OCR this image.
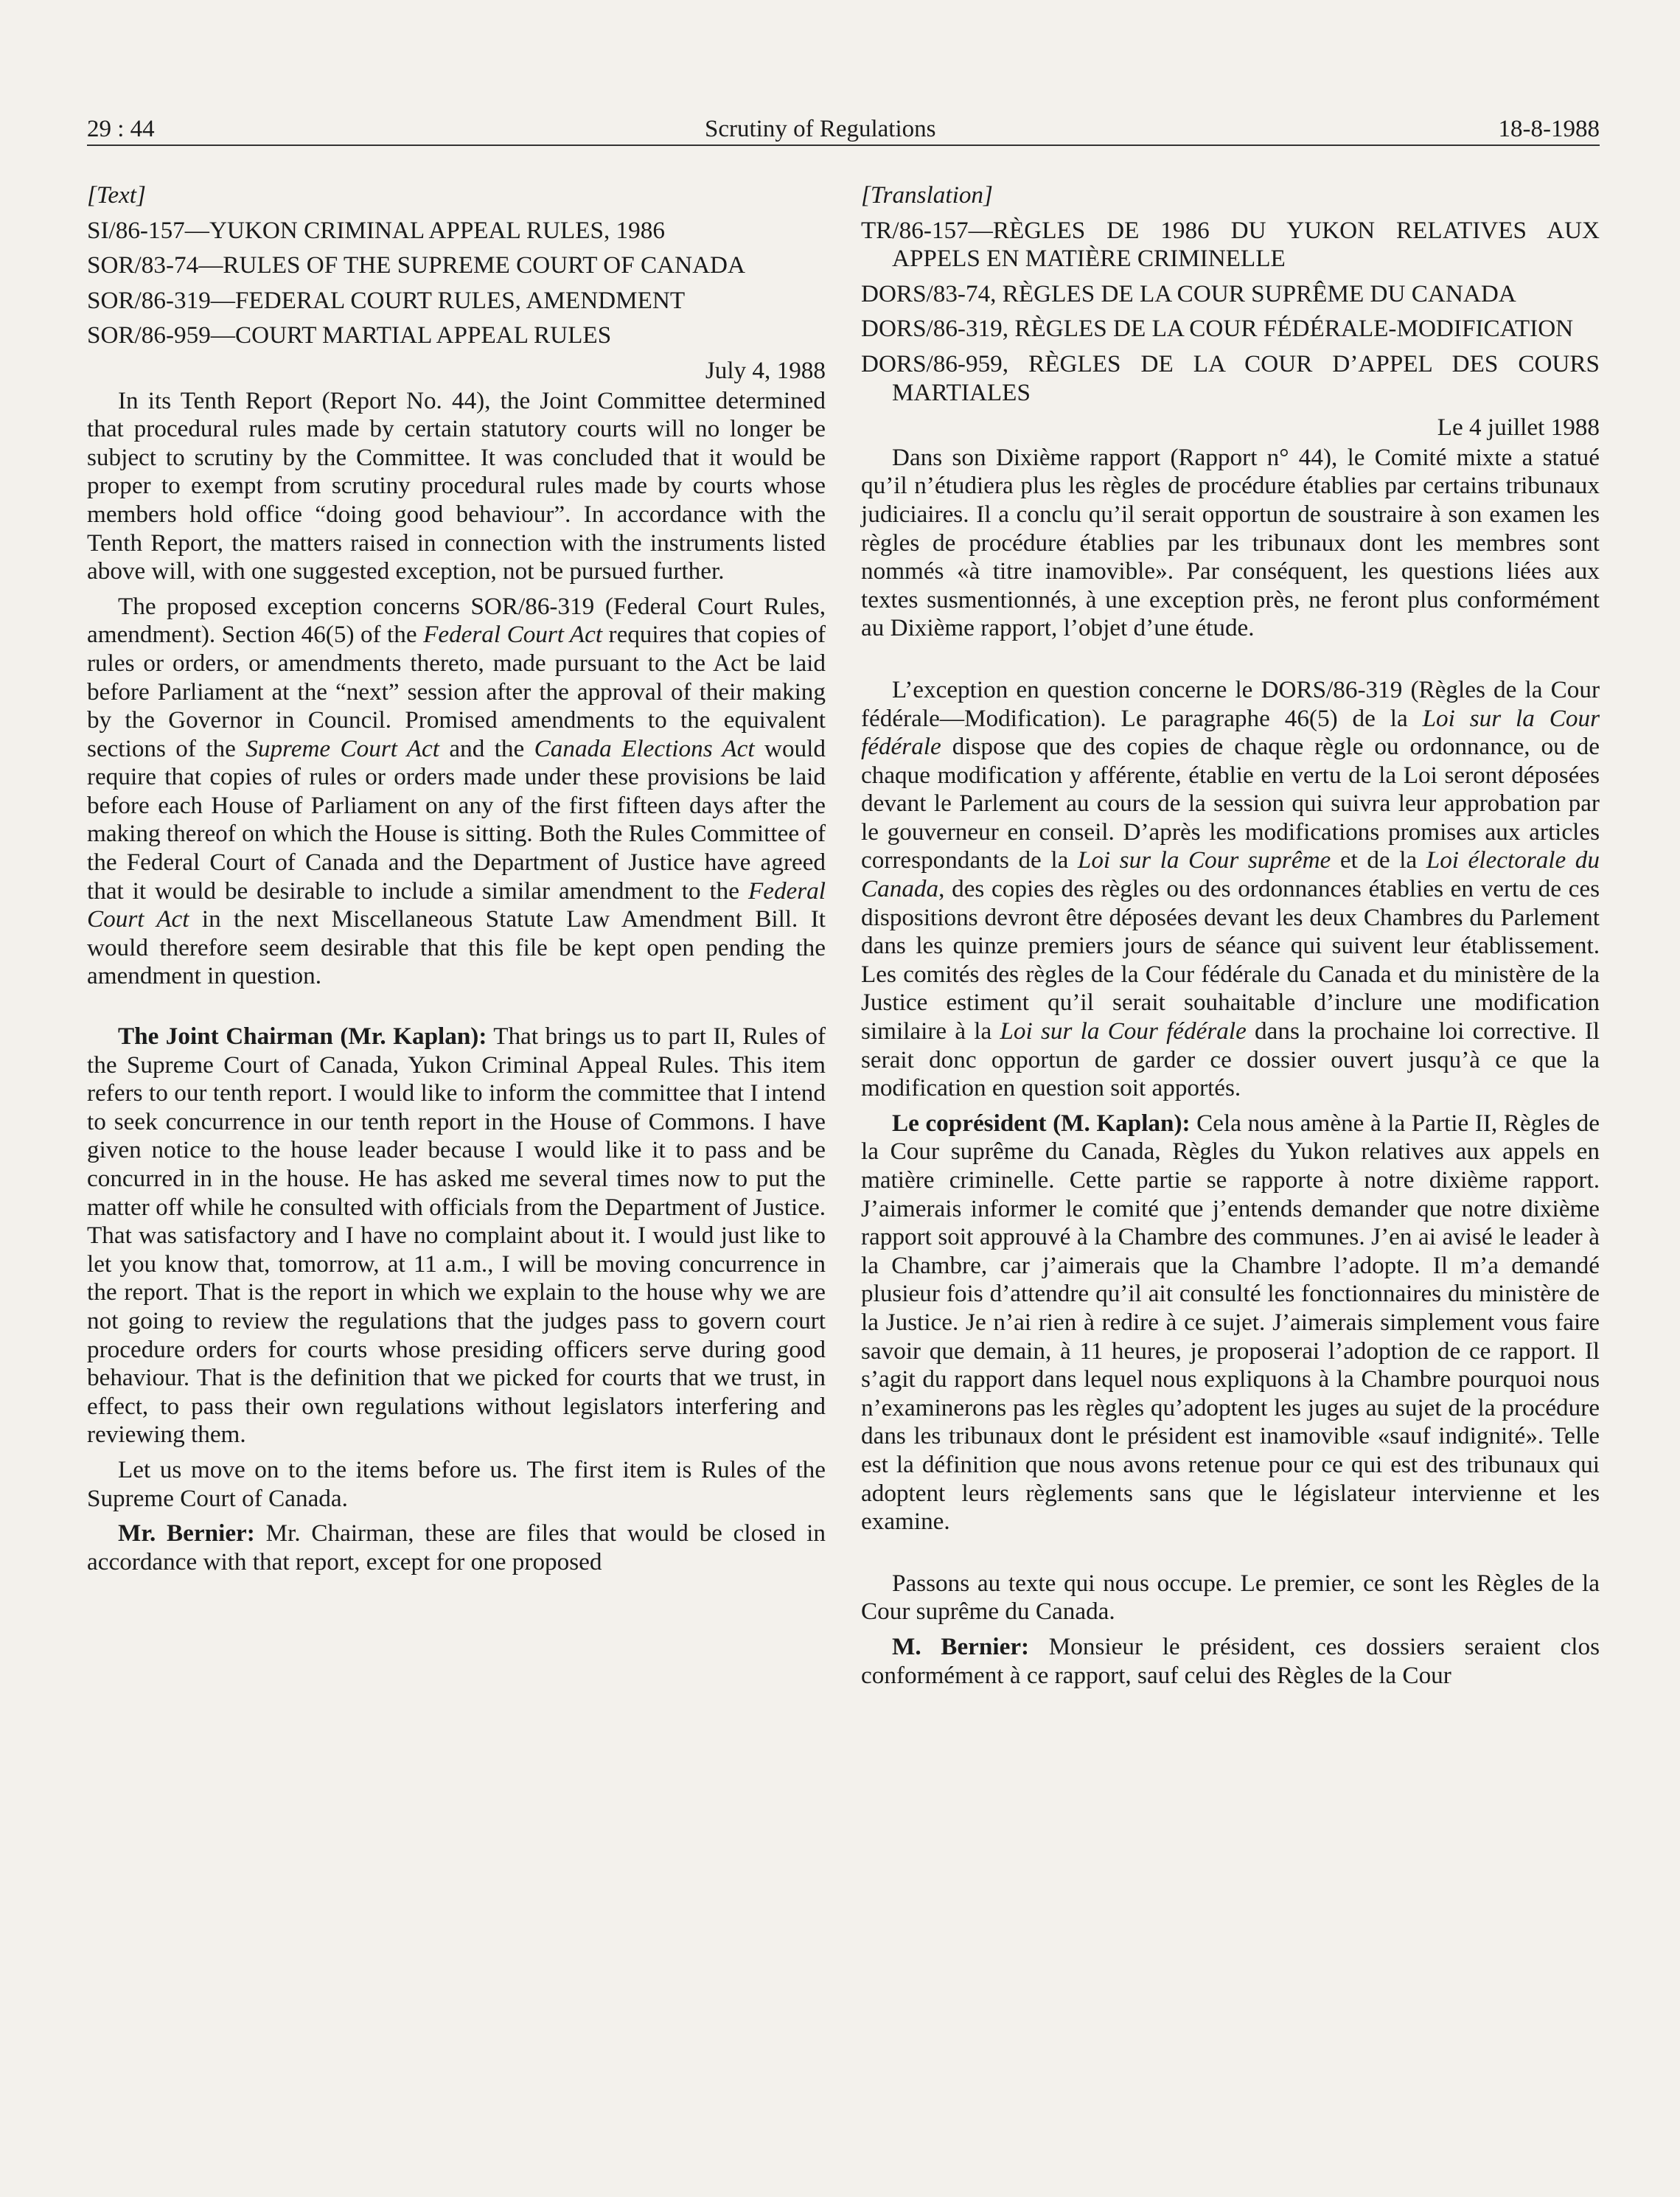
29 : 44	Scrutiny of Regulations	18-8-1988

[Text]

SI/86-157—YUKON CRIMINAL APPEAL RULES, 1986

SOR/83-74—RULES OF THE SUPREME COURT OF CANADA

SOR/86-319—FEDERAL COURT RULES, AMENDMENT

SOR/86-959—COURT MARTIAL APPEAL RULES

July 4, 1988

In its Tenth Report (Report No. 44), the Joint Committee determined that procedural rules made by certain statutory courts will no longer be subject to scrutiny by the Committee. It was concluded that it would be proper to exempt from scrutiny procedural rules made by courts whose members hold office “doing good behaviour”. In accordance with the Tenth Report, the matters raised in connection with the instruments listed above will, with one suggested exception, not be pursued further.

The proposed exception concerns SOR/86-319 (Federal Court Rules, amendment). Section 46(5) of the Federal Court Act requires that copies of rules or orders, or amendments thereto, made pursuant to the Act be laid before Parliament at the “next” session after the approval of their making by the Governor in Council. Promised amendments to the equivalent sections of the Supreme Court Act and the Canada Elections Act would require that copies of rules or orders made under these provisions be laid before each House of Parliament on any of the first fifteen days after the making thereof on which the House is sitting. Both the Rules Committee of the Federal Court of Canada and the Department of Justice have agreed that it would be desirable to include a similar amendment to the Federal Court Act in the next Miscellaneous Statute Law Amendment Bill. It would therefore seem desirable that this file be kept open pending the amendment in question.

The Joint Chairman (Mr. Kaplan): That brings us to part II, Rules of the Supreme Court of Canada, Yukon Criminal Appeal Rules. This item refers to our tenth report. I would like to inform the committee that I intend to seek concurrence in our tenth report in the House of Commons. I have given notice to the house leader because I would like it to pass and be concurred in in the house. He has asked me several times now to put the matter off while he consulted with officials from the Department of Justice. That was satisfactory and I have no complaint about it. I would just like to let you know that, tomorrow, at 11 a.m., I will be moving concurrence in the report. That is the report in which we explain to the house why we are not going to review the regulations that the judges pass to govern court procedure orders for courts whose presiding officers serve during good behaviour. That is the definition that we picked for courts that we trust, in effect, to pass their own regulations without legislators interfering and reviewing them.

Let us move on to the items before us. The first item is Rules of the Supreme Court of Canada.

Mr. Bernier: Mr. Chairman, these are files that would be closed in accordance with that report, except for one proposed

[Translation]

TR/86-157—RÈGLES DE 1986 DU YUKON RELATIVES AUX APPELS EN MATIÈRE CRIMINELLE

DORS/83-74, RÈGLES DE LA COUR SUPRÊME DU CANADA

DORS/86-319, RÈGLES DE LA COUR FÉDÉRALE-MODIFICATION

DORS/86-959, RÈGLES DE LA COUR D’APPEL DES COURS MARTIALES

Le 4 juillet 1988

Dans son Dixième rapport (Rapport n° 44), le Comité mixte a statué qu’il n’étudiera plus les règles de procédure établies par certains tribunaux judiciaires. Il a conclu qu’il serait opportun de soustraire à son examen les règles de procédure établies par les tribunaux dont les membres sont nommés «à titre inamovible». Par conséquent, les questions liées aux textes susmentionnés, à une exception près, ne feront plus conformément au Dixième rapport, l’objet d’une étude.

L’exception en question concerne le DORS/86-319 (Règles de la Cour fédérale—Modification). Le paragraphe 46(5) de la Loi sur la Cour fédérale dispose que des copies de chaque règle ou ordonnance, ou de chaque modification y afférente, établie en vertu de la Loi seront déposées devant le Parlement au cours de la session qui suivra leur approbation par le gouverneur en conseil. D’après les modifications promises aux articles correspondants de la Loi sur la Cour suprême et de la Loi électorale du Canada, des copies des règles ou des ordonnances établies en vertu de ces dispositions devront être déposées devant les deux Chambres du Parlement dans les quinze premiers jours de séance qui suivent leur établissement. Les comités des règles de la Cour fédérale du Canada et du ministère de la Justice estiment qu’il serait souhaitable d’inclure une modification similaire à la Loi sur la Cour fédérale dans la prochaine loi corrective. Il serait donc opportun de garder ce dossier ouvert jusqu’à ce que la modification en question soit apportés.

Le coprésident (M. Kaplan): Cela nous amène à la Partie II, Règles de la Cour suprême du Canada, Règles du Yukon relatives aux appels en matière criminelle. Cette partie se rapporte à notre dixième rapport. J’aimerais informer le comité que j’entends demander que notre dixième rapport soit approuvé à la Chambre des communes. J’en ai avisé le leader à la Chambre, car j’aimerais que la Chambre l’adopte. Il m’a demandé plusieur fois d’attendre qu’il ait consulté les fonctionnaires du ministère de la Justice. Je n’ai rien à redire à ce sujet. J’aimerais simplement vous faire savoir que demain, à 11 heures, je proposerai l’adoption de ce rapport. Il s’agit du rapport dans lequel nous expliquons à la Chambre pourquoi nous n’examinerons pas les règles qu’adoptent les juges au sujet de la procédure dans les tribunaux dont le président est inamovible «sauf indignité». Telle est la définition que nous avons retenue pour ce qui est des tribunaux qui adoptent leurs règlements sans que le législateur intervienne et les examine.

Passons au texte qui nous occupe. Le premier, ce sont les Règles de la Cour suprême du Canada.

M. Bernier: Monsieur le président, ces dossiers seraient clos conformément à ce rapport, sauf celui des Règles de la Cour
